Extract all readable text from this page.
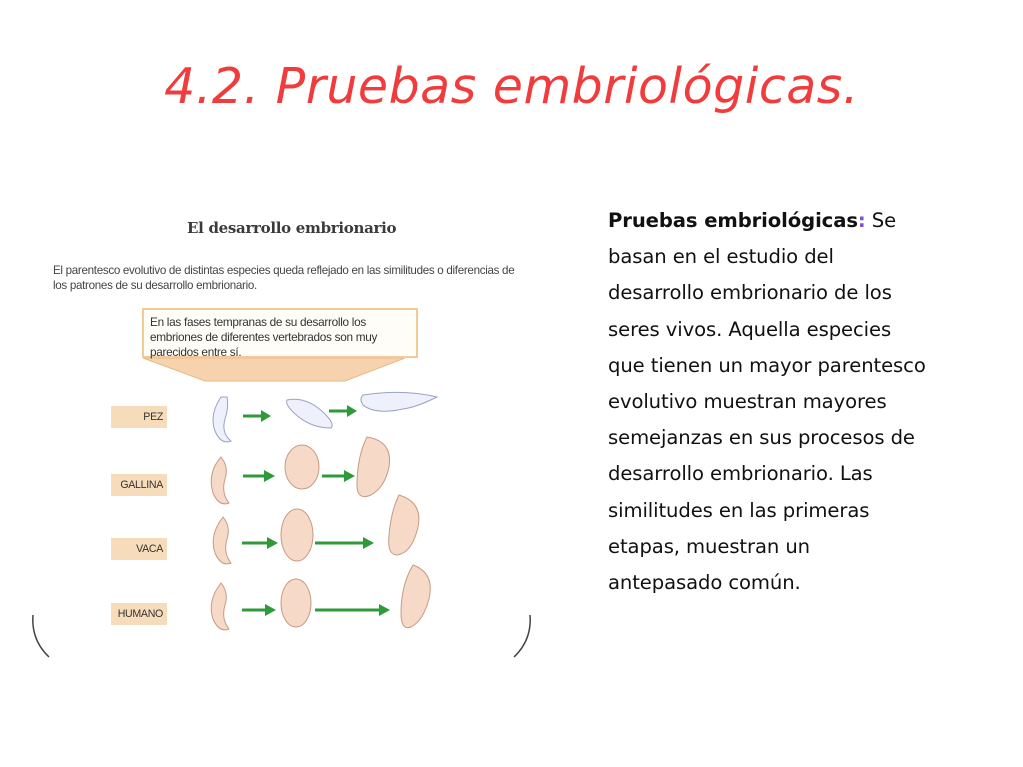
4.2. Pruebas embriológicas.
El desarrollo embrionario
El parentesco evolutivo de distintas especies queda reflejado en las similitudes o diferencias de los patrones de su desarrollo embrionario.
En las fases tempranas de su desarrollo los embriones de diferentes vertebrados son muy parecidos entre sí.
PEZ
GALLINA
VACA
HUMANO
Pruebas embriológicas: Se
basan en el estudio del
desarrollo embrionario de los
seres vivos. Aquella especies
que tienen un mayor parentesco
evolutivo muestran mayores
semejanzas en sus procesos de
desarrollo embrionario. Las
similitudes en las primeras
etapas, muestran un
antepasado común.
